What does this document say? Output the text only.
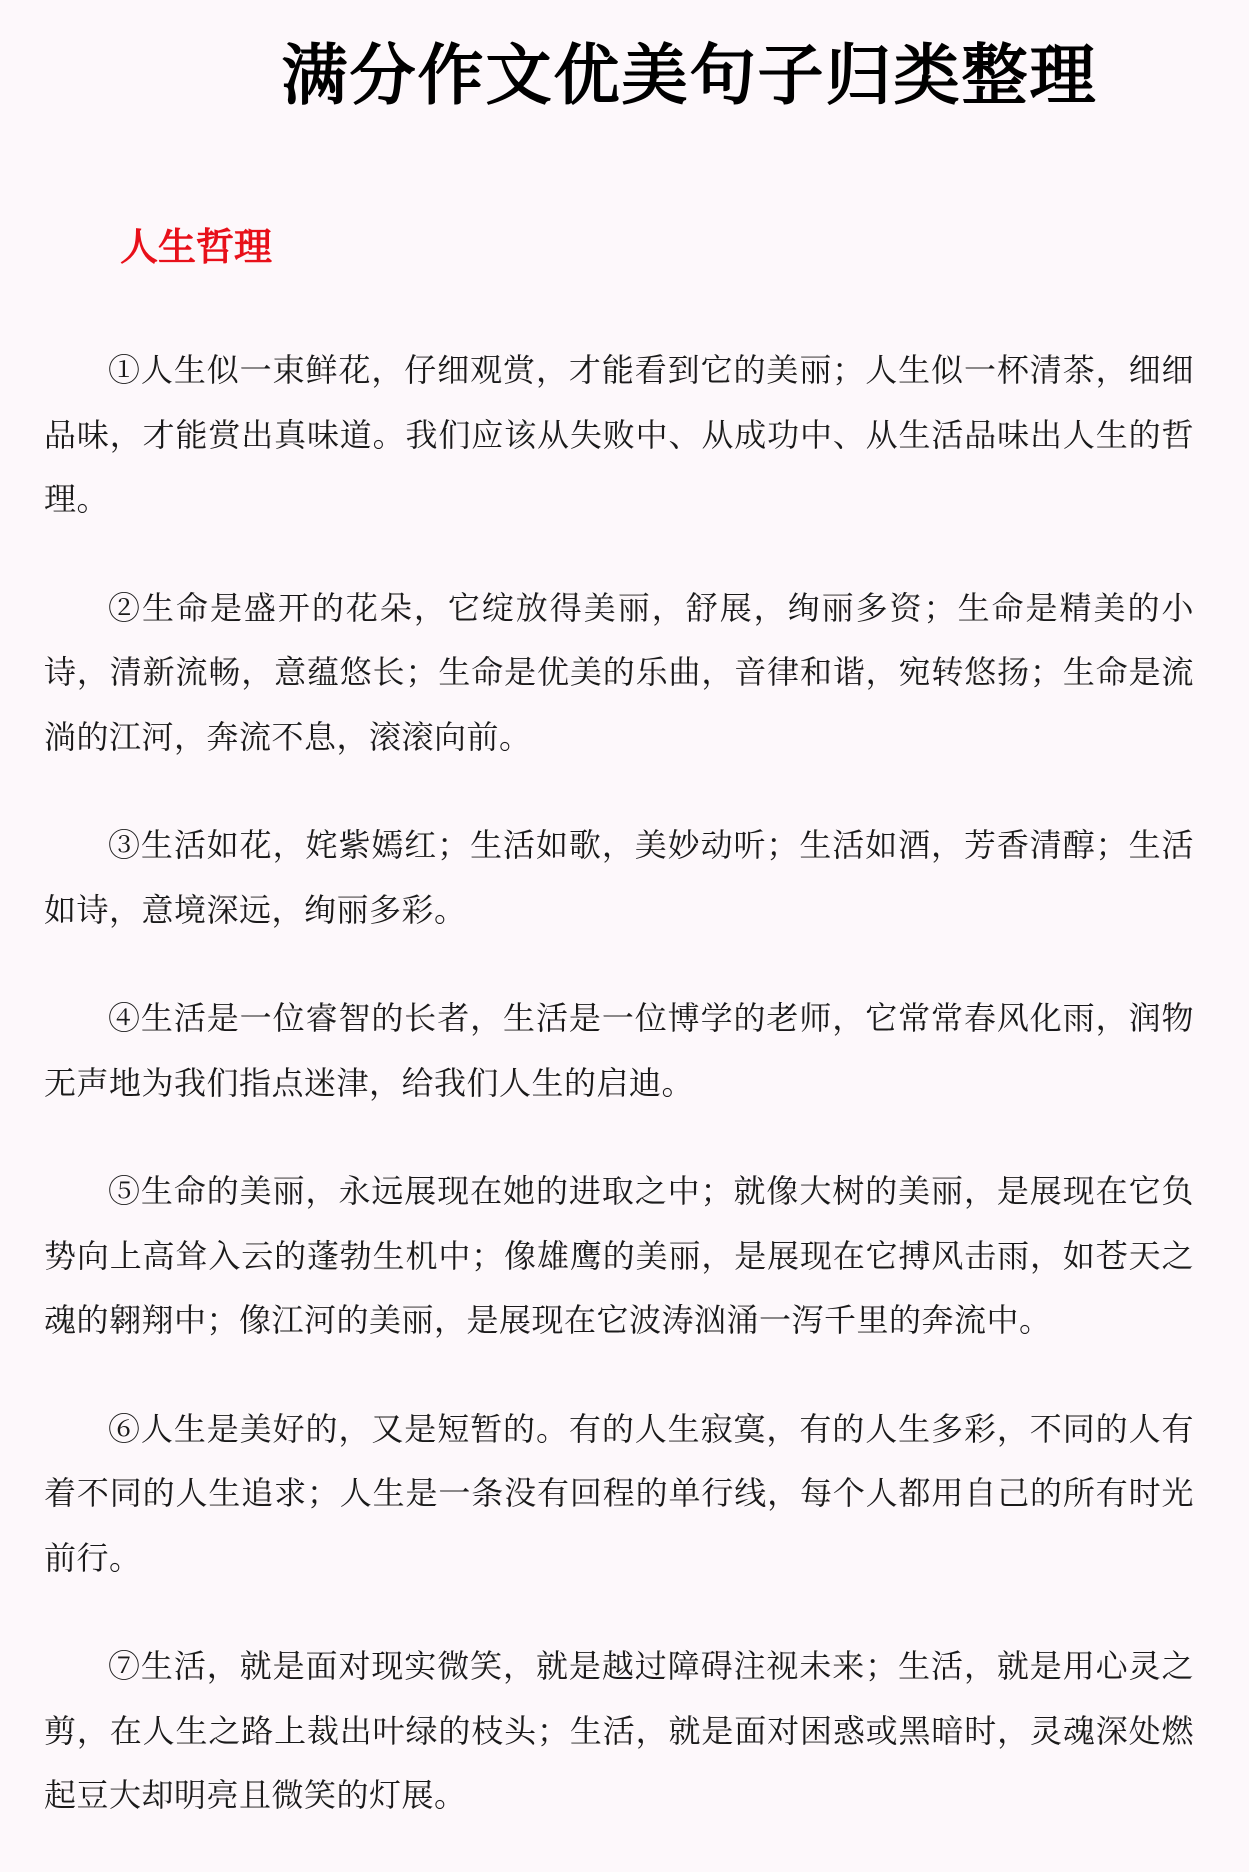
满分作文优美句子归类整理
人生哲理

①人生似一束鲜花，仔细观赏，才能看到它的美丽；人生似一杯清茶，细细品味，才能赏出真味道。我们应该从失败中、从成功中、从生活品味出人生的哲理。

②生命是盛开的花朵，它绽放得美丽，舒展，绚丽多资；生命是精美的小诗，清新流畅，意蕴悠长；生命是优美的乐曲，音律和谐，宛转悠扬；生命是流淌的江河，奔流不息，滚滚向前。

③生活如花，姹紫嫣红；生活如歌，美妙动听；生活如酒，芳香清醇；生活如诗，意境深远，绚丽多彩。

④生活是一位睿智的长者，生活是一位博学的老师，它常常春风化雨，润物无声地为我们指点迷津，给我们人生的启迪。

⑤生命的美丽，永远展现在她的进取之中；就像大树的美丽，是展现在它负势向上高耸入云的蓬勃生机中；像雄鹰的美丽，是展现在它搏风击雨，如苍天之魂的翱翔中；像江河的美丽，是展现在它波涛汹涌一泻千里的奔流中。

⑥人生是美好的，又是短暂的。有的人生寂寞，有的人生多彩，不同的人有着不同的人生追求；人生是一条没有回程的单行线，每个人都用自己的所有时光前行。

⑦生活，就是面对现实微笑，就是越过障碍注视未来；生活，就是用心灵之剪，在人生之路上裁出叶绿的枝头；生活，就是面对困惑或黑暗时，灵魂深处燃起豆大却明亮且微笑的灯展。
